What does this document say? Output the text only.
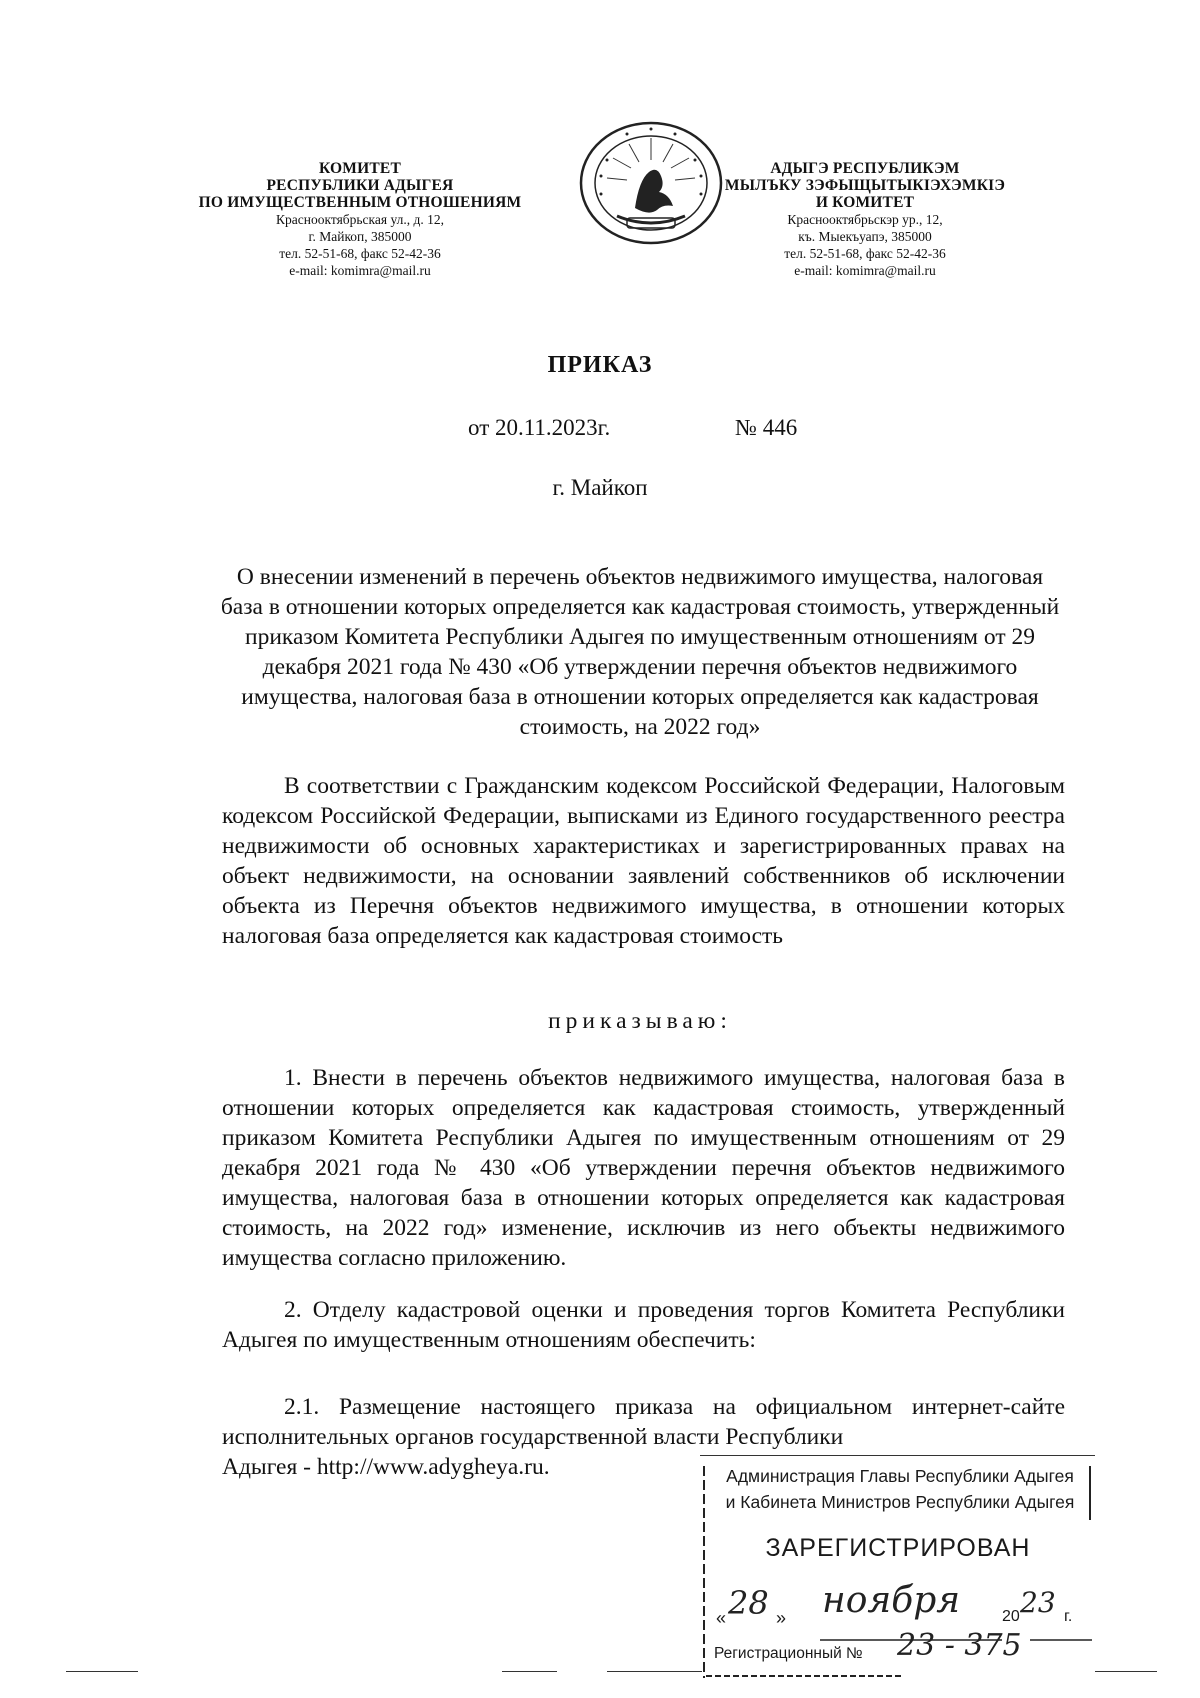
КОМИТЕТ
РЕСПУБЛИКИ АДЫГЕЯ
ПО ИМУЩЕСТВЕННЫМ ОТНОШЕНИЯМ
Краснооктябрьская ул., д. 12,
г. Майкоп, 385000
тел. 52-51-68, факс 52-42-36
e-mail: komimra@mail.ru
АДЫГЭ РЕСПУБЛИКЭМ
МЫЛЪКУ ЗЭФЫЩЫТЫКIЭХЭМКIЭ
И КОМИТЕТ
Краснооктябрьскэр ур., 12,
къ. Мыекъуапэ, 385000
тел. 52-51-68, факс 52-42-36
e-mail: komimra@mail.ru
ПРИКАЗ
от 20.11.2023г.	№ 446
г. Майкоп
О внесении изменений в перечень объектов недвижимого имущества, налоговая база в отношении которых определяется как кадастровая стоимость, утвержденный приказом Комитета Республики Адыгея по имущественным отношениям от 29 декабря 2021 года № 430 «Об утверждении перечня объектов недвижимого имущества, налоговая база в отношении которых определяется как кадастровая стоимость, на 2022 год»
В соответствии с Гражданским кодексом Российской Федерации, Налоговым кодексом Российской Федерации, выписками из Единого государственного реестра недвижимости об основных характеристиках и зарегистрированных правах на объект недвижимости, на основании заявлений собственников об исключении объекта из Перечня объектов недвижимого имущества, в отношении которых налоговая база определяется как кадастровая стоимость
приказываю:
1. Внести в перечень объектов недвижимого имущества, налоговая база в отношении которых определяется как кадастровая стоимость, утвержденный приказом Комитета Республики Адыгея по имущественным отношениям от 29 декабря 2021 года № 430 «Об утверждении перечня объектов недвижимого имущества, налоговая база в отношении которых определяется как кадастровая стоимость, на 2022 год» изменение, исключив из него объекты недвижимого имущества согласно приложению.
2. Отделу кадастровой оценки и проведения торгов Комитета Республики Адыгея по имущественным отношениям обеспечить:
2.1. Размещение настоящего приказа на официальном интернет-сайте исполнительных органов государственной власти Республики
Адыгея - http://www.adygheya.ru.	Администрация Главы Республики Адыгея
и Кабинета Министров Республики Адыгея
ЗАРЕГИСТРИРОВАН
« 28 » ноября	20 23 г.
Регистрационный № 23 - 375
